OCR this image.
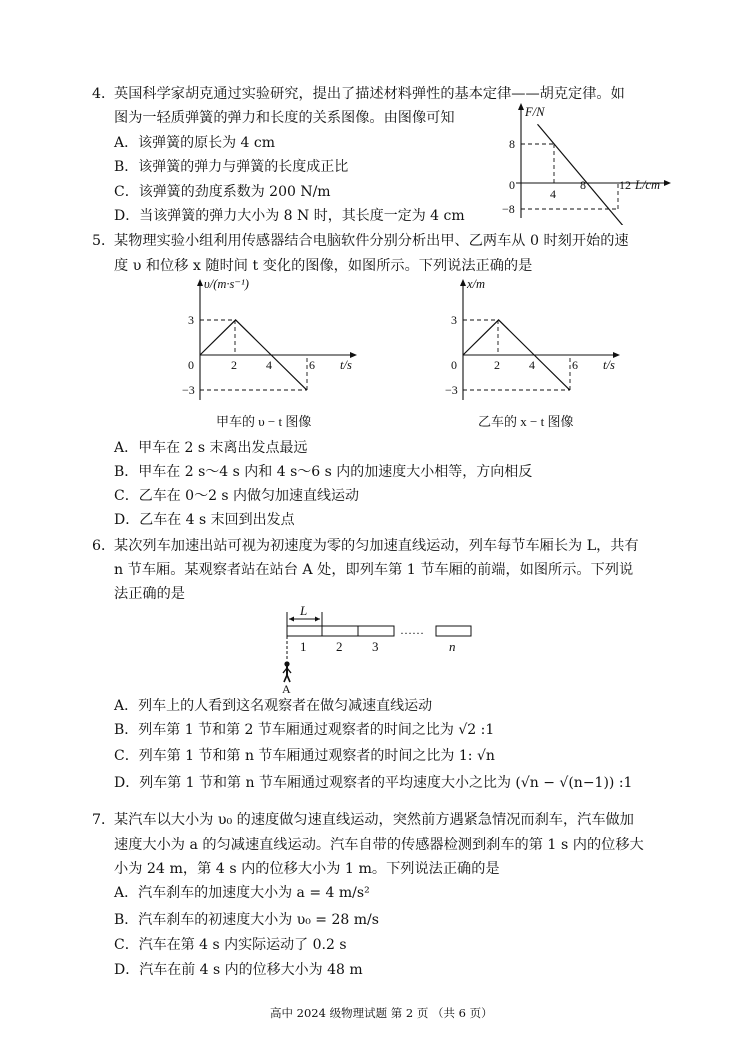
4．
英国科学家胡克通过实验研究，提出了描述材料弹性的基本定律——胡克定律。如
图为一轻质弹簧的弹力和长度的关系图像。由图像可知
A．该弹簧的原长为 4 cm
B．该弹簧的弹力与弹簧的长度成正比
C．该弹簧的劲度系数为 200 N/m
D．当该弹簧的弹力大小为 8 N 时，其长度一定为 4 cm
F/N
L/cm
8
−8
0
4
8	12
5．
某物理实验小组利用传感器结合电脑软件分别分析出甲、乙两车从 0 时刻开始的速
度 υ 和位移 x 随时间 t 变化的图像，如图所示。下列说法正确的是
υ/(m·s⁻¹)
t/s
3
−3
0	2 4	6
甲车的 υ − t 图像
x/m
t/s
3
−3
0	2 4	6
乙车的 x − t 图像
A．甲车在 2 s 末离出发点最远
B．甲车在 2 s～4 s 内和 4 s～6 s 内的加速度大小相等，方向相反
C．乙车在 0～2 s 内做匀加速直线运动
D．乙车在 4 s 末回到出发点
6．
某次列车加速出站可视为初速度为零的匀加速直线运动，列车每节车厢长为 L，共有
n 节车厢。某观察者站在站台 A 处，即列车第 1 节车厢的前端，如图所示。下列说
法正确的是
L
1 2 3
……
n
A
A．列车上的人看到这名观察者在做匀减速直线运动
B．列车第 1 节和第 2 节车厢通过观察者的时间之比为 √2 :1
C．列车第 1 节和第 n 节车厢通过观察者的时间之比为 1: √n
D．列车第 1 节和第 n 节车厢通过观察者的平均速度大小之比为 (√n − √(n−1)) :1
7．
某汽车以大小为 υ₀ 的速度做匀速直线运动，突然前方遇紧急情况而刹车，汽车做加
速度大小为 a 的匀减速直线运动。汽车自带的传感器检测到刹车的第 1 s 内的位移大
小为 24 m，第 4 s 内的位移大小为 1 m。下列说法正确的是
A．汽车刹车的加速度大小为 a = 4 m/s²
B．汽车刹车的初速度大小为 υ₀ = 28 m/s
C．汽车在第 4 s 内实际运动了 0.2 s
D．汽车在前 4 s 内的位移大小为 48 m
高中 2024 级物理试题 第 2 页 （共 6 页）
